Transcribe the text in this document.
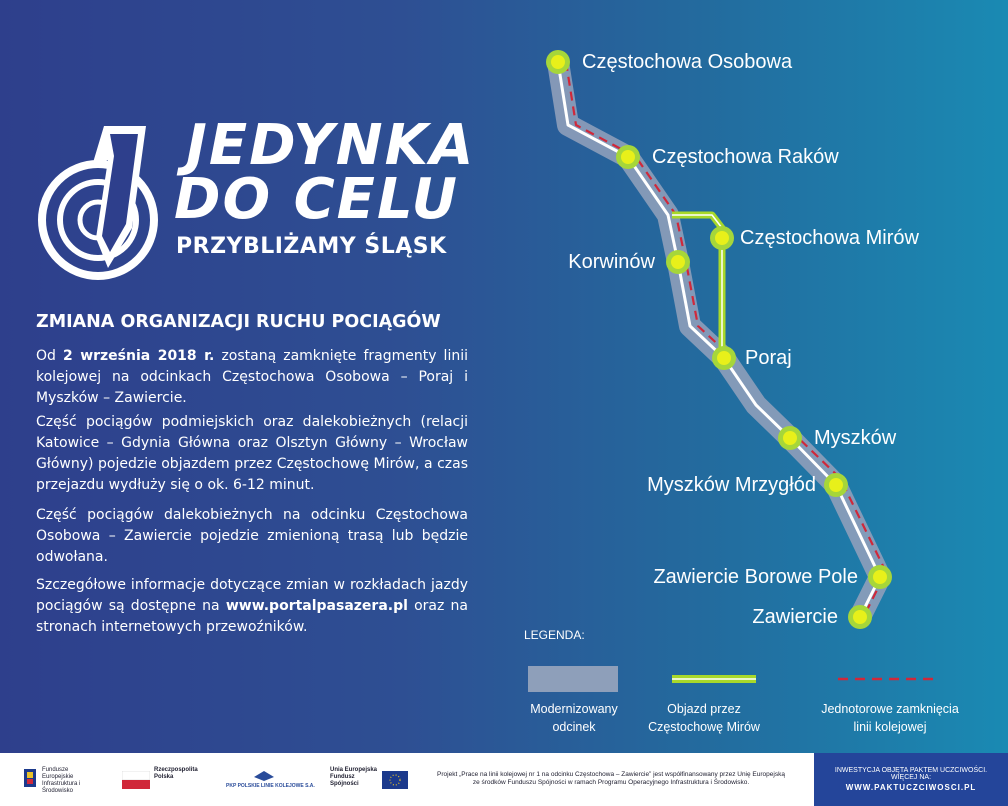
JEDYNKA
DO CELU
PRZYBLIŻAMY ŚLĄSK
ZMIANA ORGANIZACJI RUCHU POCIĄGÓW

Od 2 września 2018 r. zostaną zamknięte fragmenty linii kolejowej na odcinkach Częstochowa Osobowa – Poraj i Myszków – Zawiercie.

Część pociągów podmiejskich oraz dalekobieżnych (relacji Katowice – Gdynia Główna oraz Olsztyn Główny – Wrocław Główny) pojedzie objazdem przez Częstochowę Mirów, a czas przejazdu wydłuży się o ok. 6-12 minut.

Część pociągów dalekobieżnych na odcinku Częstochowa Osobowa – Zawiercie pojedzie zmienioną trasą lub będzie odwołana.

Szczegółowe informacje dotyczące zmian w rozkładach jazdy pociągów są dostępne na www.portalpasazera.pl oraz na stronach internetowych przewoźników.

Częstochowa Osobowa
Częstochowa Raków
Częstochowa Mirów
Korwinów
Poraj
Myszków
Myszków Mrzygłód
Zawiercie Borowe Pole
Zawiercie
LEGENDA:
Modernizowany
odcinek
Objazd przez
Częstochowę Mirów
Jednotorowe zamknięcia
linii kolejowej
Fundusze
Europejskie
Infrastruktura i Środowisko
Rzeczpospolita
Polska
PKP POLSKIE LINIE KOLEJOWE S.A.
Unia Europejska
Fundusz Spójności
Projekt „Prace na linii kolejowej nr 1 na odcinku Częstochowa – Zawiercie” jest współfinansowany przez Unię Europejską ze środków Funduszu Spójności w ramach Programu Operacyjnego Infrastruktura i Środowisko.
INWESTYCJA OBJĘTA PAKTEM UCZCIWOŚCI.
WIĘCEJ NA:
WWW.PAKTUCZCIWOSCI.PL
